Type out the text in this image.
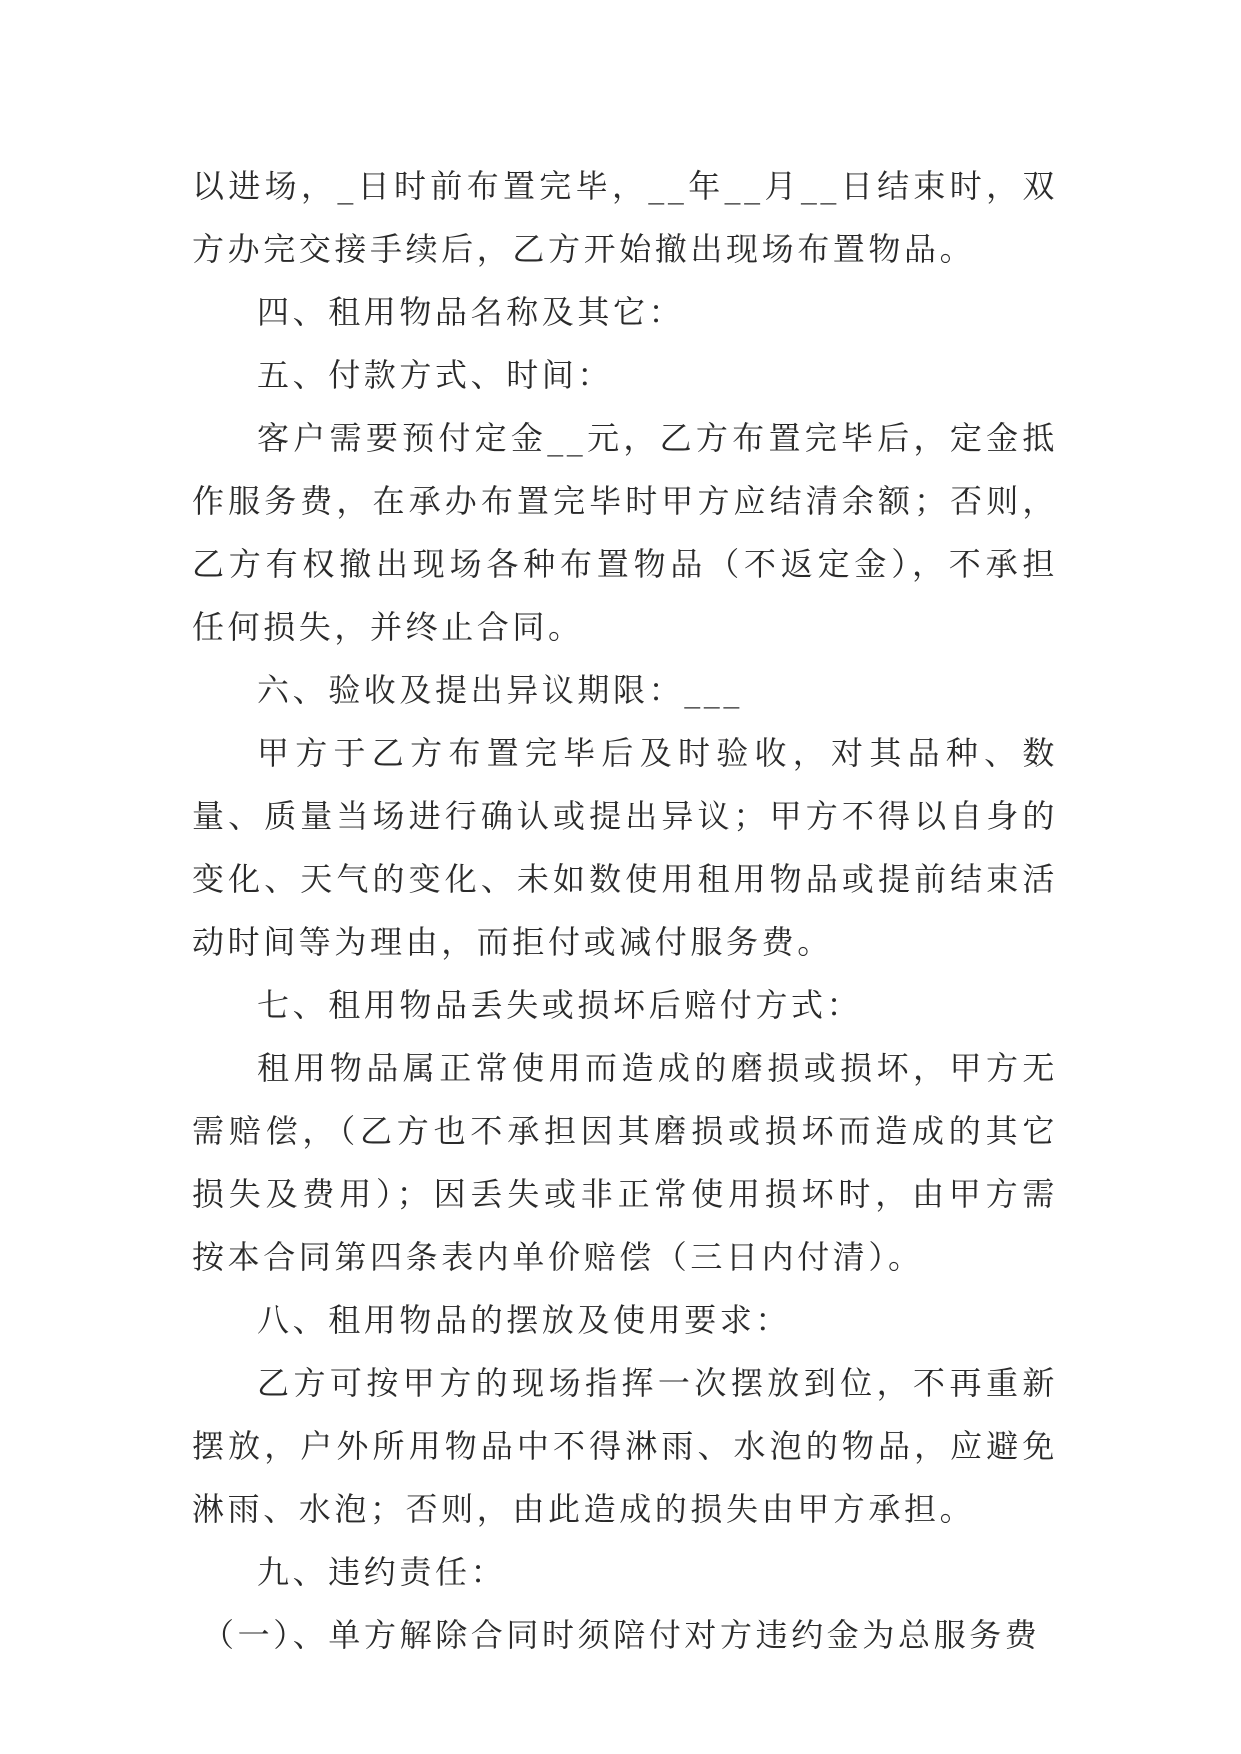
以进场，_日时前布置完毕，__年__月__日结束时，双方办完交接手续后，乙方开始撤出现场布置物品。

四、租用物品名称及其它：

五、付款方式、时间：

客户需要预付定金__元，乙方布置完毕后，定金抵作服务费，在承办布置完毕时甲方应结清余额；否则，乙方有权撤出现场各种布置物品（不返定金），不承担任何损失，并终止合同。

六、验收及提出异议期限：___

甲方于乙方布置完毕后及时验收，对其品种、数量、质量当场进行确认或提出异议；甲方不得以自身的变化、天气的变化、未如数使用租用物品或提前结束活动时间等为理由，而拒付或减付服务费。

七、租用物品丢失或损坏后赔付方式：

租用物品属正常使用而造成的磨损或损坏，甲方无需赔偿，（乙方也不承担因其磨损或损坏而造成的其它损失及费用）；因丢失或非正常使用损坏时，由甲方需按本合同第四条表内单价赔偿（三日内付清）。

八、租用物品的摆放及使用要求：

乙方可按甲方的现场指挥一次摆放到位，不再重新摆放，户外所用物品中不得淋雨、水泡的物品，应避免淋雨、水泡；否则，由此造成的损失由甲方承担。

九、违约责任：

（一）、单方解除合同时须陪付对方违约金为总服务费
